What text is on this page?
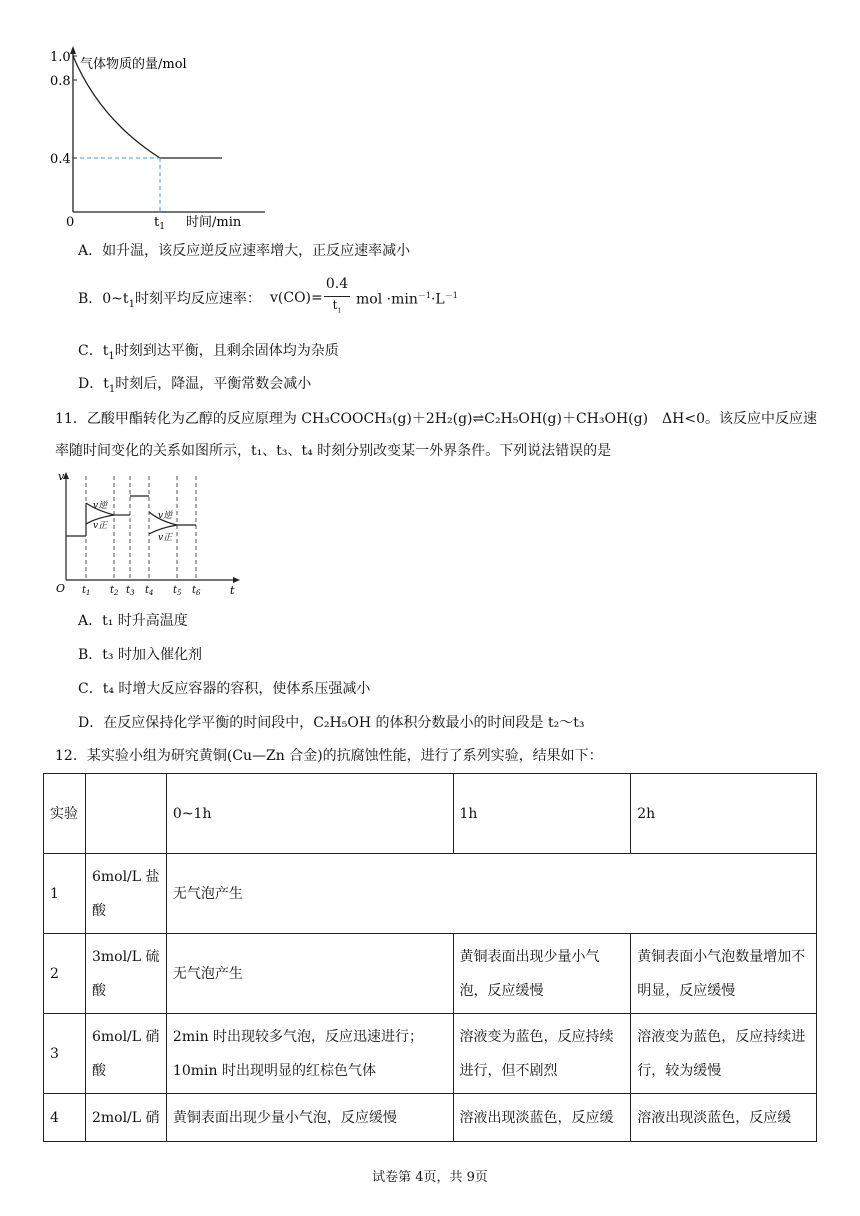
气体物质的量/mol
1.0
0.8
0.4
0	$t_1$ 时间/min
A．如升温，该反应逆反应速率增大，正反应速率减小
B．$0\sim t_1$时刻平均反应速率： v(CO)=
0.4
$t_1$
mol $\cdot\min^{-1}\cdot L^{-1}$
C．$t_1$时刻到达平衡，且剩余固体均为杂质
D．$t_1$时刻后，降温，平衡常数会减小
11．乙酸甲酯转化为乙醇的反应原理为 CH₃COOCH₃(g)＋2H₂(g)⇌C₂H₅OH(g)＋CH₃OH(g)　ΔH<0。该反应中反应速
率随时间变化的关系如图所示，t₁、t₃、t₄ 时刻分别改变某一外界条件。下列说法错误的是
v
t
O
v逆
v正
v逆
v正
$t_1$ $t_2$ $t_3$ $t_4$ $t_5$ $t_6$
A．t₁ 时升高温度
B．t₃ 时加入催化剂
C．t₄ 时增大反应容器的容积，使体系压强减小
D．在反应保持化学平衡的时间段中，C₂H₅OH 的体积分数最小的时间段是 t₂～t₃
12．某实验小组为研究黄铜(Cu—Zn 合金)的抗腐蚀性能，进行了系列实验，结果如下：
实验		0~1h	1h	2h
1	6mol/L 盐酸	无气泡产生		
2	3mol/L 硫酸	无气泡产生	黄铜表面出现少量小气泡，反应缓慢	黄铜表面小气泡数量增加不明显，反应缓慢
3	6mol/L 硝酸	2min 时出现较多气泡，反应迅速进行；10min 时出现明显的红棕色气体	溶液变为蓝色，反应持续进行，但不剧烈	溶液变为蓝色，反应持续进行，较为缓慢
4	2mol/L 硝	黄铜表面出现少量小气泡，反应缓慢	溶液出现淡蓝色，反应缓	溶液出现淡蓝色，反应缓
试卷第 4页，共 9页
